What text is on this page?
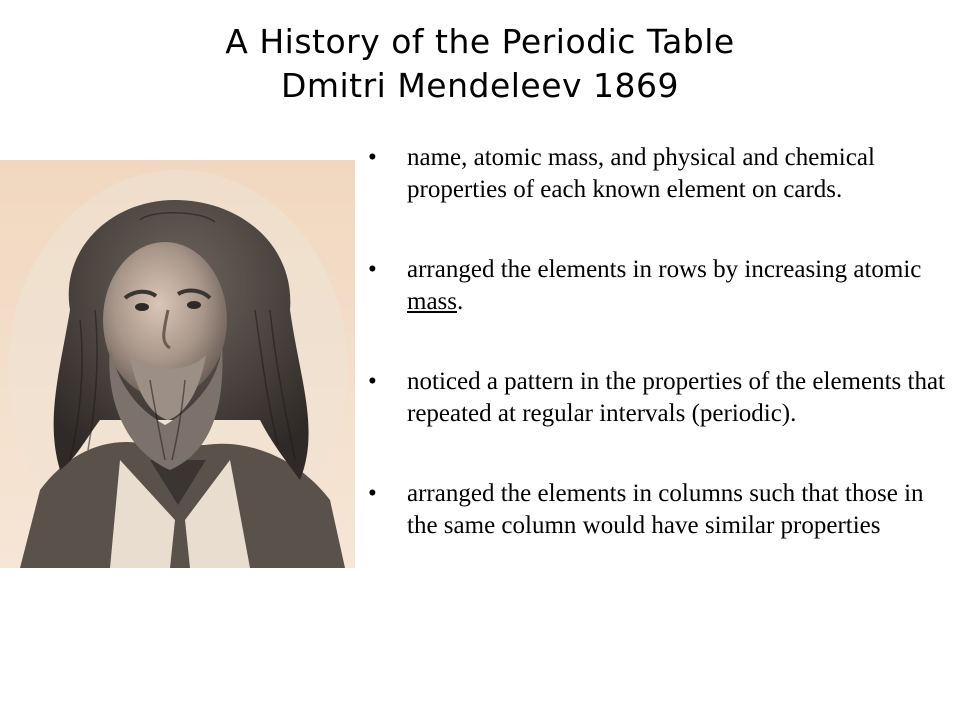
A History of the Periodic Table
Dmitri Mendeleev 1869
• name, atomic mass, and physical and chemical properties of each known element on cards.
• arranged the elements in rows by increasing atomic mass.
• noticed a pattern in the properties of the elements that repeated at regular intervals (periodic).
• arranged the elements in columns such that those in the same column would have similar properties
